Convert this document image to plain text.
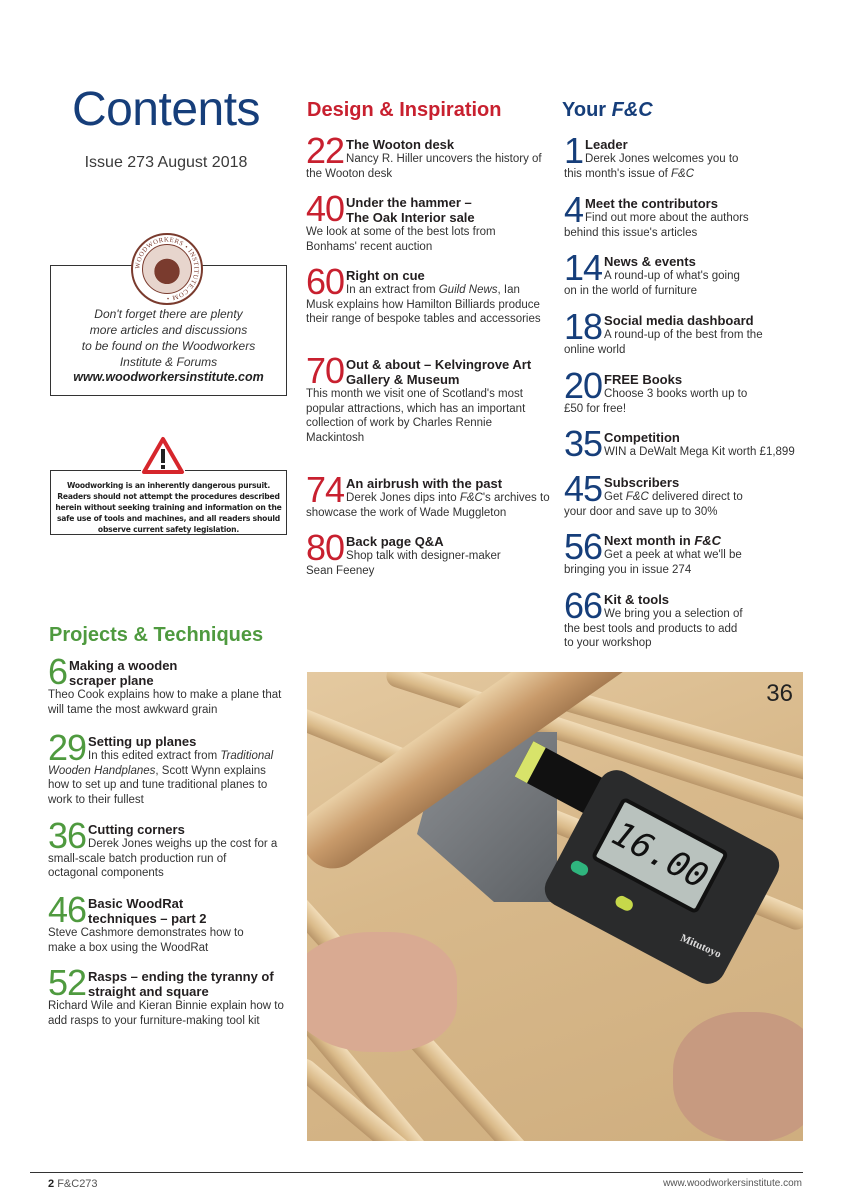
Contents
Issue 273 August 2018
WOODWORKERS • INSTITUTE.COM •
Don't forget there are plenty
more articles and discussions
to be found on the Woodworkers
Institute & Forums
www.woodworkersinstitute.com
Woodworking is an inherently dangerous pursuit. Readers should not attempt the procedures described herein without seeking training and information on the safe use of tools and machines, and all readers should observe current safety legislation.
Design & Inspiration	Your F&C
Projects & Techniques
22 The Wooton desk
Nancy R. Hiller uncovers the history of the Wooton desk
40 Under the hammer – The Oak Interior sale
We look at some of the best lots from Bonhams' recent auction
60 Right on cue
In an extract from Guild News, Ian Musk explains how Hamilton Billiards produce their range of bespoke tables and accessories
70 Out & about – Kelvingrove Art Gallery & Museum
This month we visit one of Scotland's most popular attractions, which has an important collection of work by Charles Rennie Mackintosh
74 An airbrush with the past
Derek Jones dips into F&C's archives to showcase the work of Wade Muggleton
80 Back page Q&A
Shop talk with designer-maker Sean Feeney
1 Leader
Derek Jones welcomes you to this month's issue of F&C
4 Meet the contributors
Find out more about the authors behind this issue's articles
14 News & events
A round-up of what's going on in the world of furniture
18 Social media dashboard
A round-up of the best from the online world
20 FREE Books
Choose 3 books worth up to £50 for free!
35 Competition
WIN a DeWalt Mega Kit worth £1,899
45 Subscribers
Get F&C delivered direct to your door and save up to 30%
56 Next month in F&C
Get a peek at what we'll be bringing you in issue 274
66 Kit & tools
We bring you a selection of the best tools and products to add to your workshop
6 Making a wooden scraper plane
Theo Cook explains how to make a plane that will tame the most awkward grain
29 Setting up planes
In this edited extract from Traditional Wooden Handplanes, Scott Wynn explains how to set up and tune traditional planes to work to their fullest
36 Cutting corners
Derek Jones weighs up the cost for a small-scale batch production run of octagonal components
46 Basic WoodRat techniques – part 2
Steve Cashmore demonstrates how to make a box using the WoodRat
52 Rasps – ending the tyranny of straight and square
Richard Wile and Kieran Binnie explain how to add rasps to your furniture-making tool kit
16.00
Mitutoyo
36
2 F&C273	www.woodworkersinstitute.com
